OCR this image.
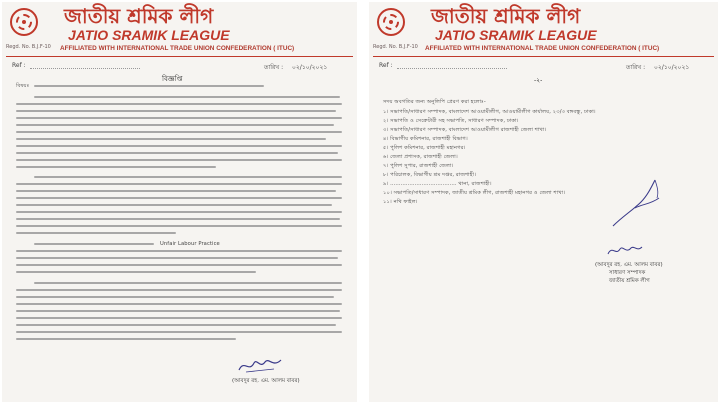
Regd. No. B.J.F-10
জাতীয় শ্রমিক লীগ
JATIO SRAMIK LEAGUE
AFFILIATED WITH INTERNATIONAL TRADE UNION CONFEDERATION ( ITUC)
Ref :	তারিখ : ০২/১০/২০২১
বিজ্ঞপ্তি
বিষয়ঃ
Unfair Labour Practice
(আবদুর রহ. এম. আলম বাবর)
Regd. No. B.J.F-10
জাতীয় শ্রমিক লীগ
JATIO SRAMIK LEAGUE
AFFILIATED WITH INTERNATIONAL TRADE UNION CONFEDERATION ( ITUC)
Ref :	তারিখ : ০২/১০/২০২১
-২-
সদয় অবগতির জন্য অনুলিপি প্রেরণ করা হলোঃ-
১। সভাপতি/সাধারণ সম্পাদক, বাংলাদেশ আওয়ামীলীগ, আওয়ামীলীগ কার্যালয়, ২৩/৩ বঙ্গবন্ধু, ঢাকা।
২। সভাপতি ও সেক্রেটারী সহ সভাপতি, সাধারণ সম্পাদক, ঢাকা।
৩। সভাপতি/সাধারণ সম্পাদক, বাংলাদেশ আওয়ামীলীগ রাজশাহী জেলা শাখা।
৪। বিভাগীয় কমিশনার, রাজশাহী বিভাগ।
৫। পুলিশ কমিশনার, রাজশাহী মহানগর।
৬। জেলা প্রশাসক, রাজশাহী জেলা।
৭। পুলিশ সুপার, রাজশাহী জেলা।
৮। পরিচালক, বিভাগীয় শ্রম দপ্তর, রাজশাহী।
৯। ...................................... থানা, রাজশাহী।
১০। সভাপতি/সাধারণ সম্পাদক, জাতীয় শ্রমিক লীগ, রাজশাহী মহানগর ও জেলা শাখা।
১১। নথি ফাইল।
(আবদুর রহ. এম. আলম বাবর)
সাধারণ সম্পাদক
জাতীয় শ্রমিক লীগ
